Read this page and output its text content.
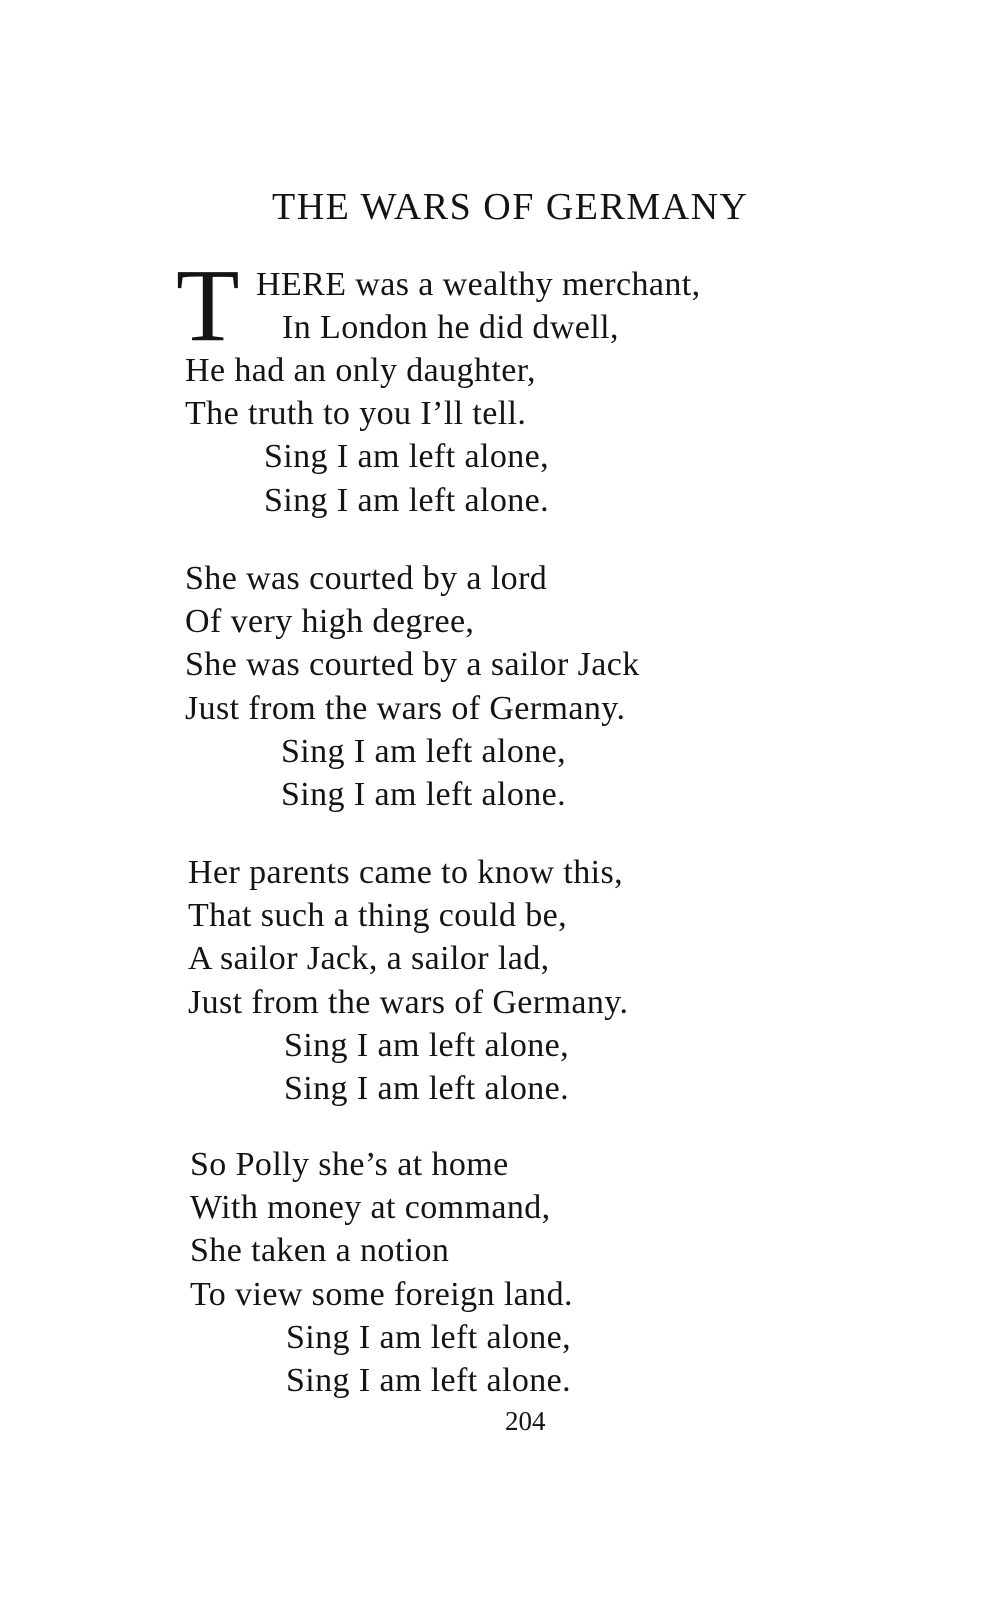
THE WARS OF GERMANY
T HERE was a wealthy merchant,
In London he did dwell,
He had an only daughter,
The truth to you I’ll tell.
Sing I am left alone,
Sing I am left alone.
She was courted by a lord
Of very high degree,
She was courted by a sailor Jack
Just from the wars of Germany.
Sing I am left alone,
Sing I am left alone.
Her parents came to know this,
That such a thing could be,
A sailor Jack, a sailor lad,
Just from the wars of Germany.
Sing I am left alone,
Sing I am left alone.
So Polly she’s at home
With money at command,
She taken a notion
To view some foreign land.
Sing I am left alone,
Sing I am left alone.
204
